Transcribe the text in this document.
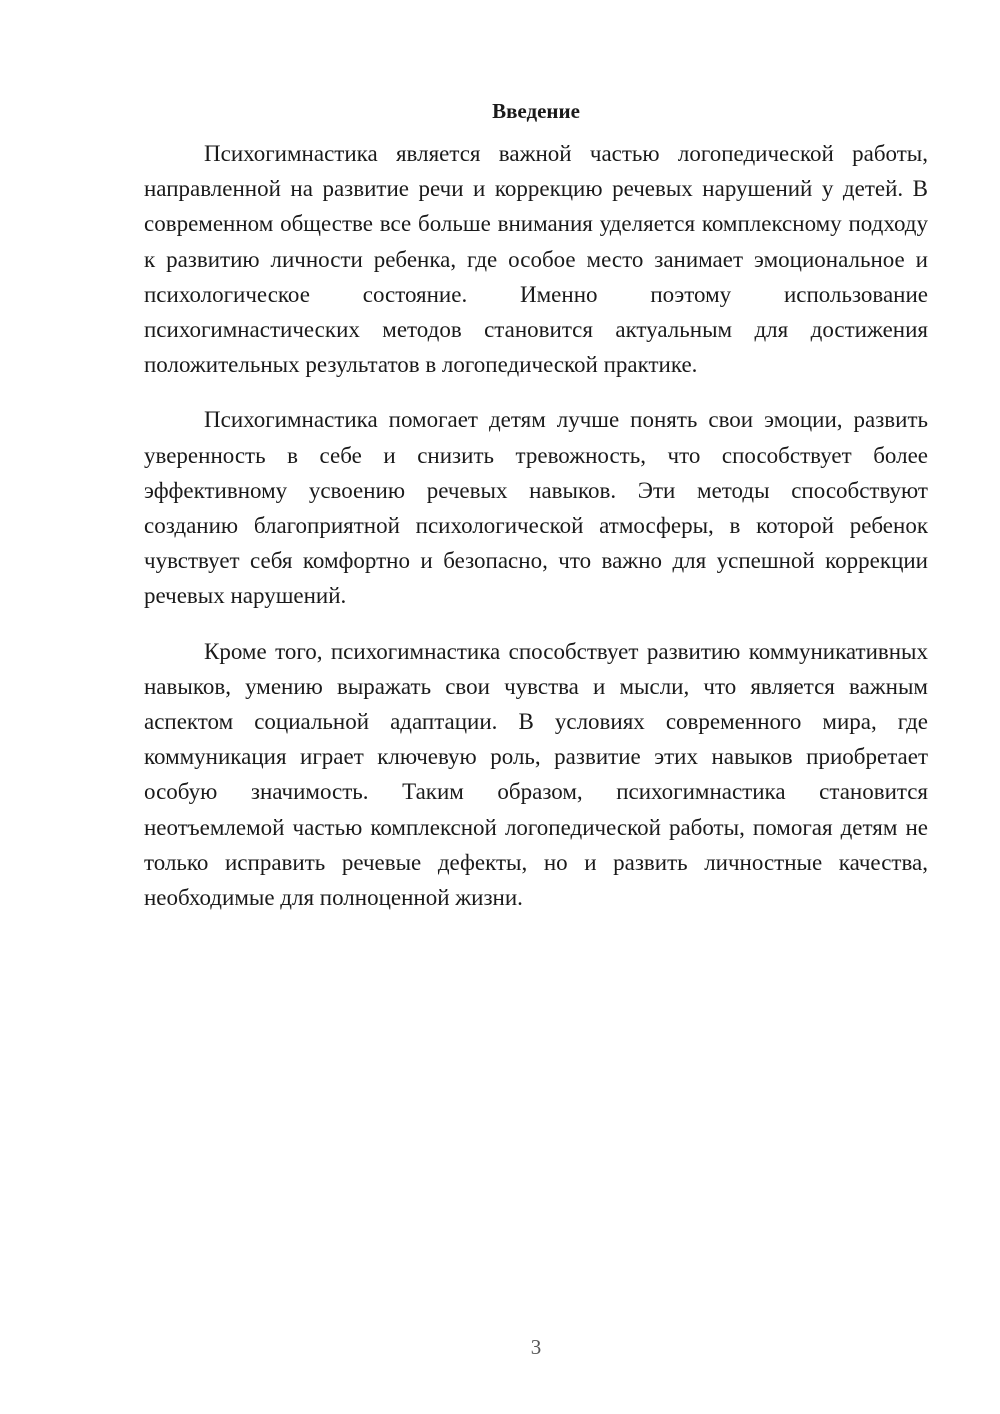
Введение

Психогимнастика является важной частью логопедической работы, направленной на развитие речи и коррекцию речевых нарушений у детей. В современном обществе все больше внимания уделяется комплексному подходу к развитию личности ребенка, где особое место занимает эмоциональное и психологическое состояние. Именно поэтому использование психогимнастических методов становится актуальным для достижения положительных результатов в логопедической практике.

Психогимнастика помогает детям лучше понять свои эмоции, развить уверенность в себе и снизить тревожность, что способствует более эффективному усвоению речевых навыков. Эти методы способствуют созданию благоприятной психологической атмосферы, в которой ребенок чувствует себя комфортно и безопасно, что важно для успешной коррекции речевых нарушений.

Кроме того, психогимнастика способствует развитию коммуникативных навыков, умению выражать свои чувства и мысли, что является важным аспектом социальной адаптации. В условиях современного мира, где коммуникация играет ключевую роль, развитие этих навыков приобретает особую значимость. Таким образом, психогимнастика становится неотъемлемой частью комплексной логопедической работы, помогая детям не только исправить речевые дефекты, но и развить личностные качества, необходимые для полноценной жизни.

3
